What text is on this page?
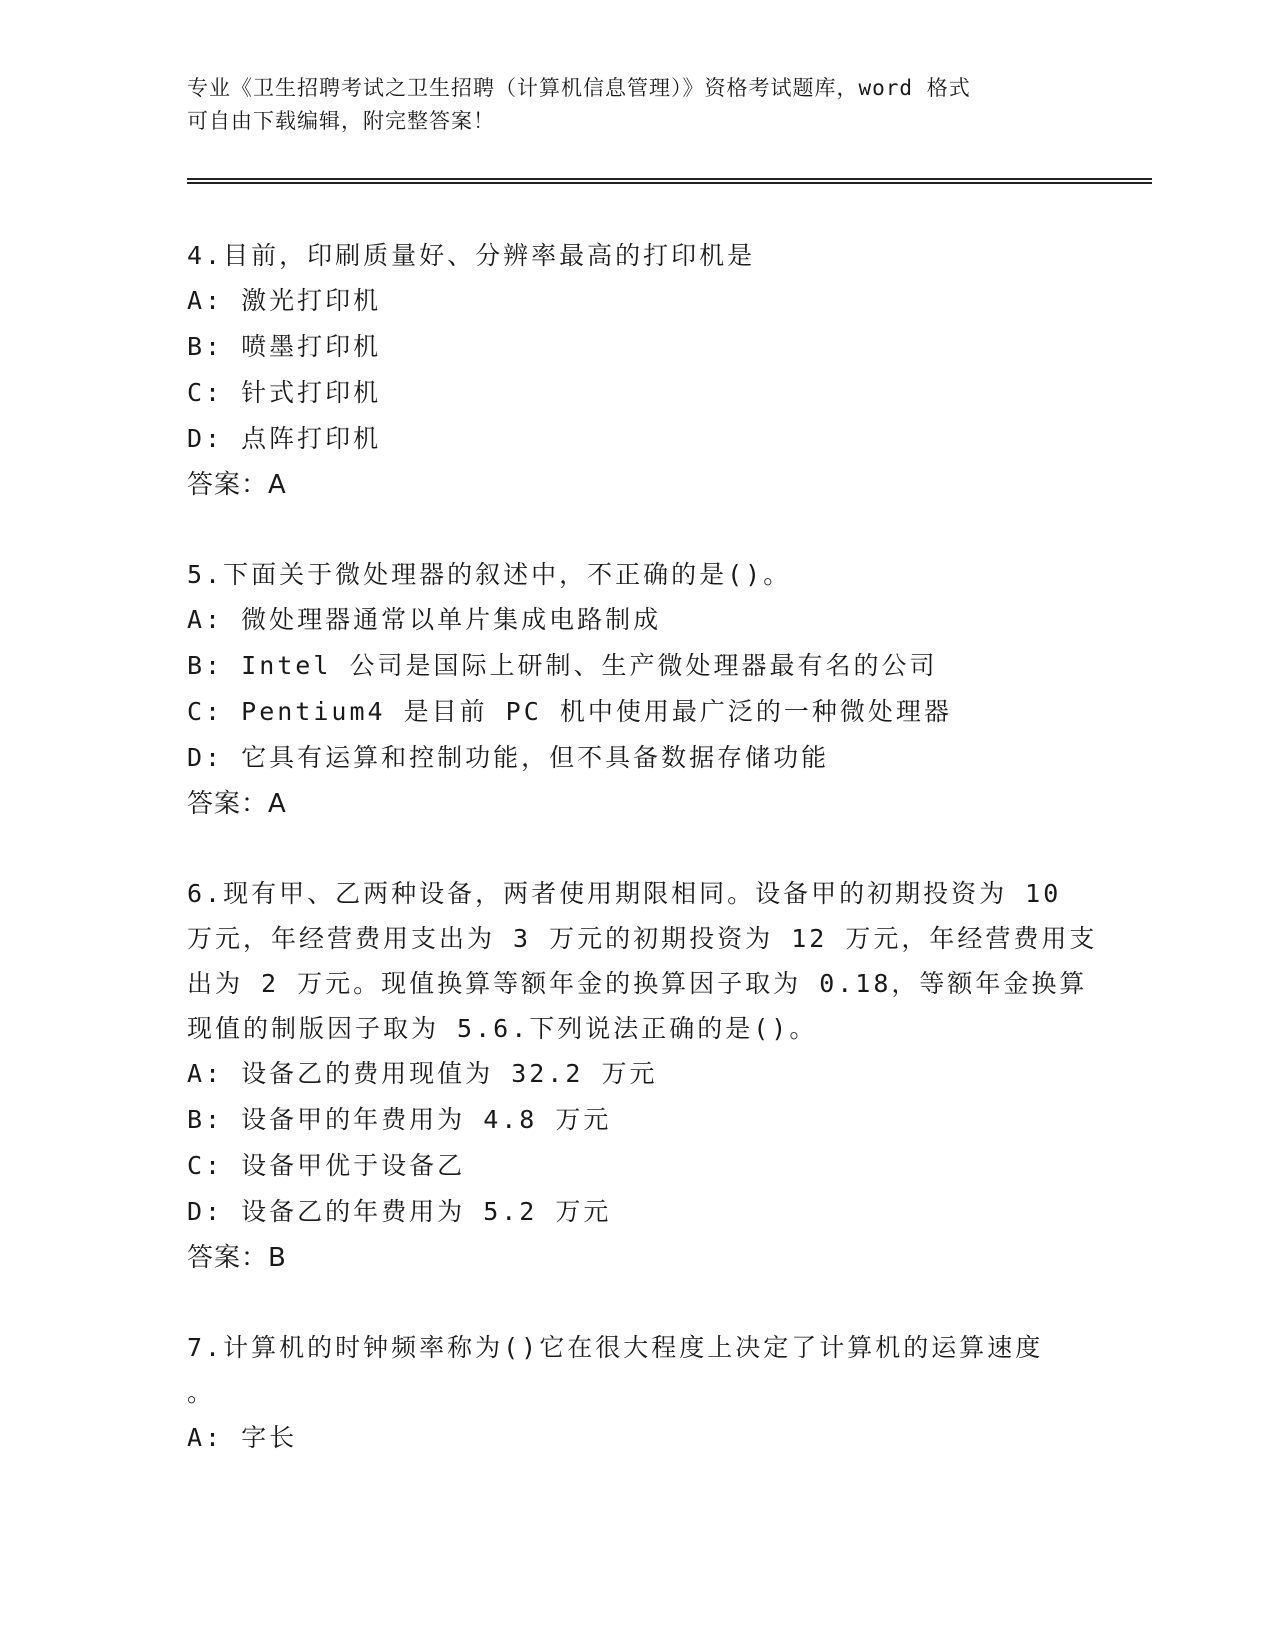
专业《卫生招聘考试之卫生招聘（计算机信息管理）》资格考试题库，word 格式
可自由下载编辑，附完整答案！
4.目前，印刷质量好、分辨率最高的打印机是
A: 激光打印机
B: 喷墨打印机
C: 针式打印机
D: 点阵打印机
答案：A
5.下面关于微处理器的叙述中，不正确的是()。
A: 微处理器通常以单片集成电路制成
B: Intel 公司是国际上研制、生产微处理器最有名的公司
C: Pentium4 是目前 PC 机中使用最广泛的一种微处理器
D: 它具有运算和控制功能，但不具备数据存储功能
答案：A
6.现有甲、乙两种设备，两者使用期限相同。设备甲的初期投资为 10
万元，年经营费用支出为 3 万元的初期投资为 12 万元，年经营费用支
出为 2 万元。现值换算等额年金的换算因子取为 0.18，等额年金换算
现值的制版因子取为 5.6.下列说法正确的是()。
A: 设备乙的费用现值为 32.2 万元
B: 设备甲的年费用为 4.8 万元
C: 设备甲优于设备乙
D: 设备乙的年费用为 5.2 万元
答案：B
7.计算机的时钟频率称为()它在很大程度上决定了计算机的运算速度
。
A: 字长
